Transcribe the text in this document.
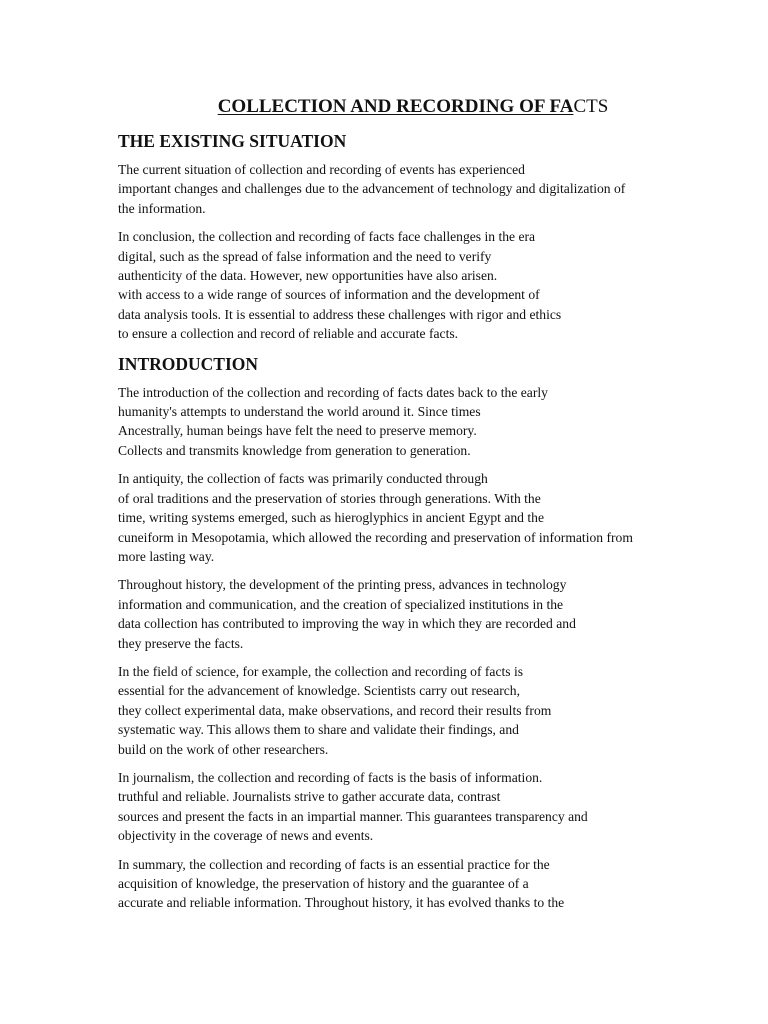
COLLECTION AND RECORDING OF FACTS
THE EXISTING SITUATION

The current situation of collection and recording of events has experienced
important changes and challenges due to the advancement of technology and digitalization of
the information.

In conclusion, the collection and recording of facts face challenges in the era
digital, such as the spread of false information and the need to verify
authenticity of the data. However, new opportunities have also arisen.
with access to a wide range of sources of information and the development of
data analysis tools. It is essential to address these challenges with rigor and ethics
to ensure a collection and record of reliable and accurate facts.

INTRODUCTION

The introduction of the collection and recording of facts dates back to the early
humanity's attempts to understand the world around it. Since times
Ancestrally, human beings have felt the need to preserve memory.
Collects and transmits knowledge from generation to generation.

In antiquity, the collection of facts was primarily conducted through
of oral traditions and the preservation of stories through generations. With the
time, writing systems emerged, such as hieroglyphics in ancient Egypt and the
cuneiform in Mesopotamia, which allowed the recording and preservation of information from
more lasting way.

Throughout history, the development of the printing press, advances in technology
information and communication, and the creation of specialized institutions in the
data collection has contributed to improving the way in which they are recorded and
they preserve the facts.

In the field of science, for example, the collection and recording of facts is
essential for the advancement of knowledge. Scientists carry out research,
they collect experimental data, make observations, and record their results from
systematic way. This allows them to share and validate their findings, and
build on the work of other researchers.

In journalism, the collection and recording of facts is the basis of information.
truthful and reliable. Journalists strive to gather accurate data, contrast
sources and present the facts in an impartial manner. This guarantees transparency and
objectivity in the coverage of news and events.

In summary, the collection and recording of facts is an essential practice for the
acquisition of knowledge, the preservation of history and the guarantee of a
accurate and reliable information. Throughout history, it has evolved thanks to the
